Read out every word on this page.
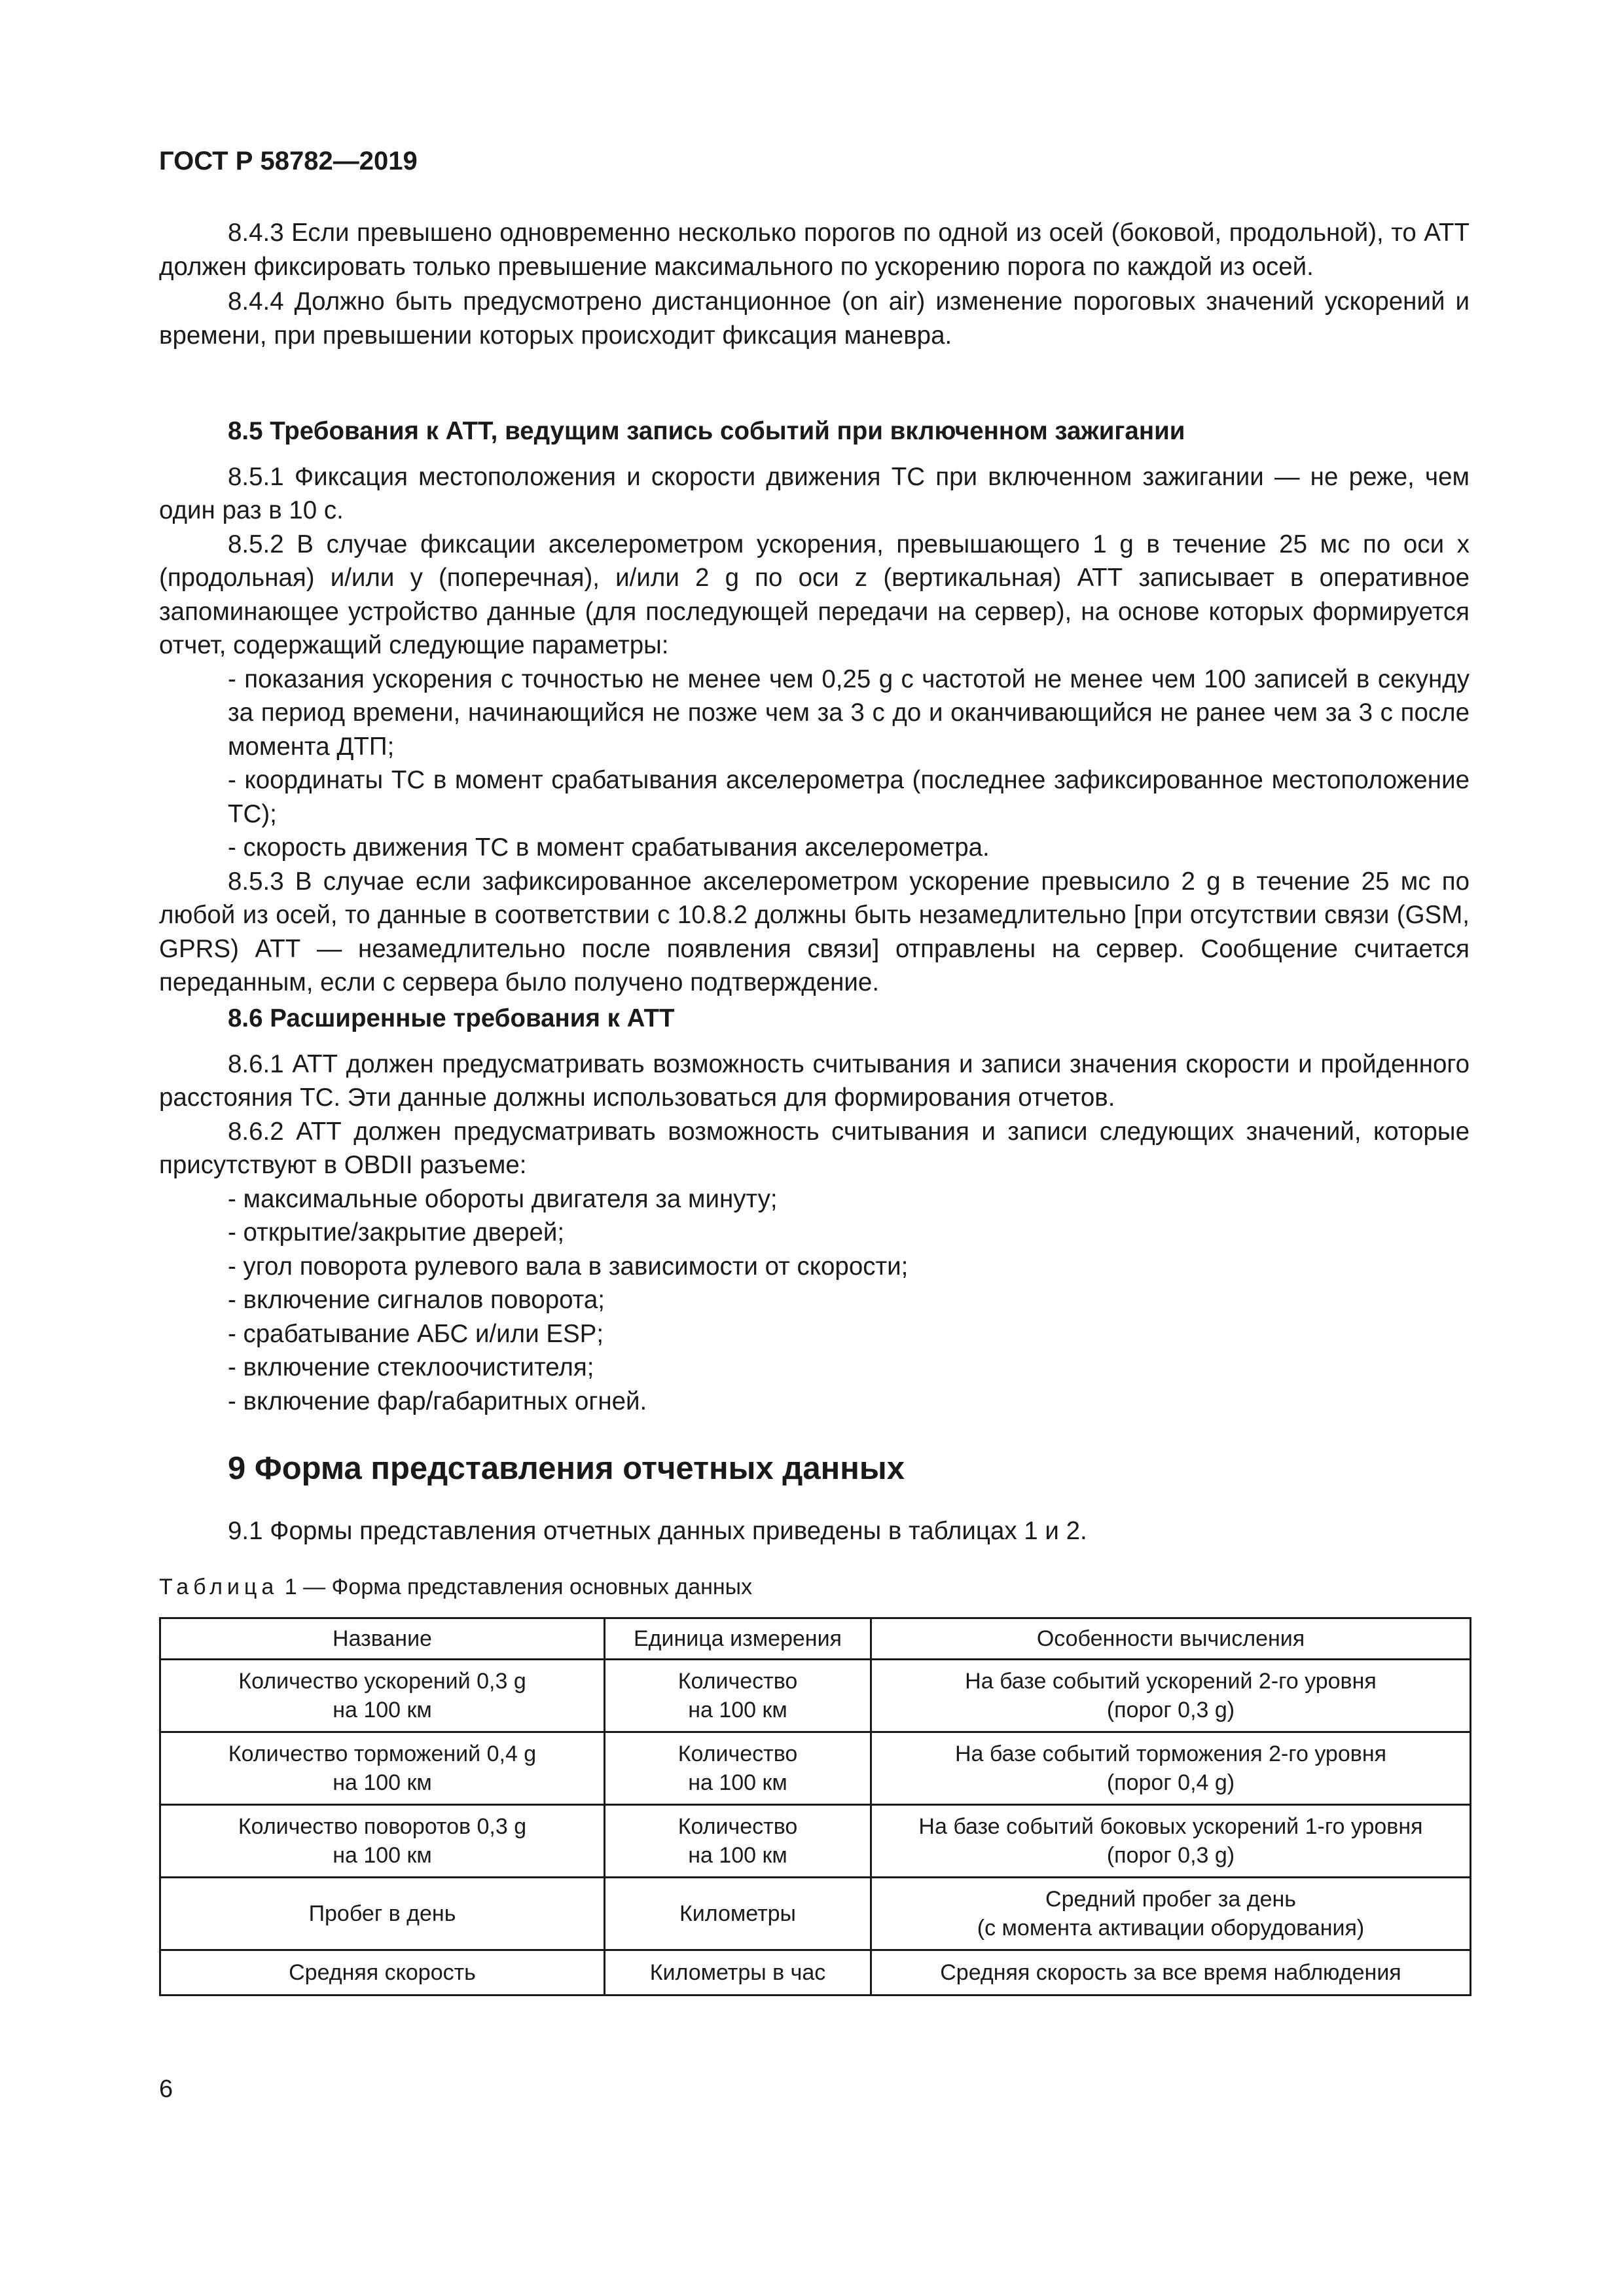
ГОСТ Р 58782—2019

8.4.3 Если превышено одновременно несколько порогов по одной из осей (боковой, продольной), то АТТ должен фиксировать только превышение максимального по ускорению порога по каждой из осей.

8.4.4 Должно быть предусмотрено дистанционное (on air) изменение пороговых значений ускорений и времени, при превышении которых происходит фиксация маневра.

8.5 Требования к АТТ, ведущим запись событий при включенном зажигании

8.5.1 Фиксация местоположения и скорости движения ТС при включенном зажигании — не реже, чем один раз в 10 с.

8.5.2 В случае фиксации акселерометром ускорения, превышающего 1 g в течение 25 мс по оси x (продольная) и/или y (поперечная), и/или 2 g по оси z (вертикальная) АТТ записывает в оперативное запоминающее устройство данные (для последующей передачи на сервер), на основе которых формируется отчет, содержащий следующие параметры:

- показания ускорения с точностью не менее чем 0,25 g с частотой не менее чем 100 записей в секунду за период времени, начинающийся не позже чем за 3 с до и оканчивающийся не ранее чем за 3 с после момента ДТП;

- координаты ТС в момент срабатывания акселерометра (последнее зафиксированное местоположение ТС);

- скорость движения ТС в момент срабатывания акселерометра.

8.5.3 В случае если зафиксированное акселерометром ускорение превысило 2 g в течение 25 мс по любой из осей, то данные в соответствии с 10.8.2 должны быть незамедлительно [при отсутствии связи (GSM, GPRS) АТТ — незамедлительно после появления связи] отправлены на сервер. Сообщение считается переданным, если с сервера было получено подтверждение.

8.6 Расширенные требования к АТТ

8.6.1 АТТ должен предусматривать возможность считывания и записи значения скорости и пройденного расстояния ТС. Эти данные должны использоваться для формирования отчетов.

8.6.2 АТТ должен предусматривать возможность считывания и записи следующих значений, которые присутствуют в OBDII разъеме:

- максимальные обороты двигателя за минуту;

- открытие/закрытие дверей;

- угол поворота рулевого вала в зависимости от скорости;

- включение сигналов поворота;

- срабатывание АБС и/или ESP;

- включение стеклоочистителя;

- включение фар/габаритных огней.

9 Форма представления отчетных данных

9.1 Формы представления отчетных данных приведены в таблицах 1 и 2.

Таблица 1 — Форма представления основных данных
Название	Единица измерения	Особенности вычисления

Количество ускорений 0,3 g
на 100 км	Количество
на 100 км	На базе событий ускорений 2-го уровня
(порог 0,3 g)

Количество торможений 0,4 g
на 100 км	Количество
на 100 км	На базе событий торможения 2-го уровня
(порог 0,4 g)

Количество поворотов 0,3 g
на 100 км	Количество
на 100 км	На базе событий боковых ускорений 1-го уровня
(порог 0,3 g)

Пробег в день	Километры	Средний пробег за день
(с момента активации оборудования)

Средняя скорость	Километры в час	Средняя скорость за все время наблюдения
6
